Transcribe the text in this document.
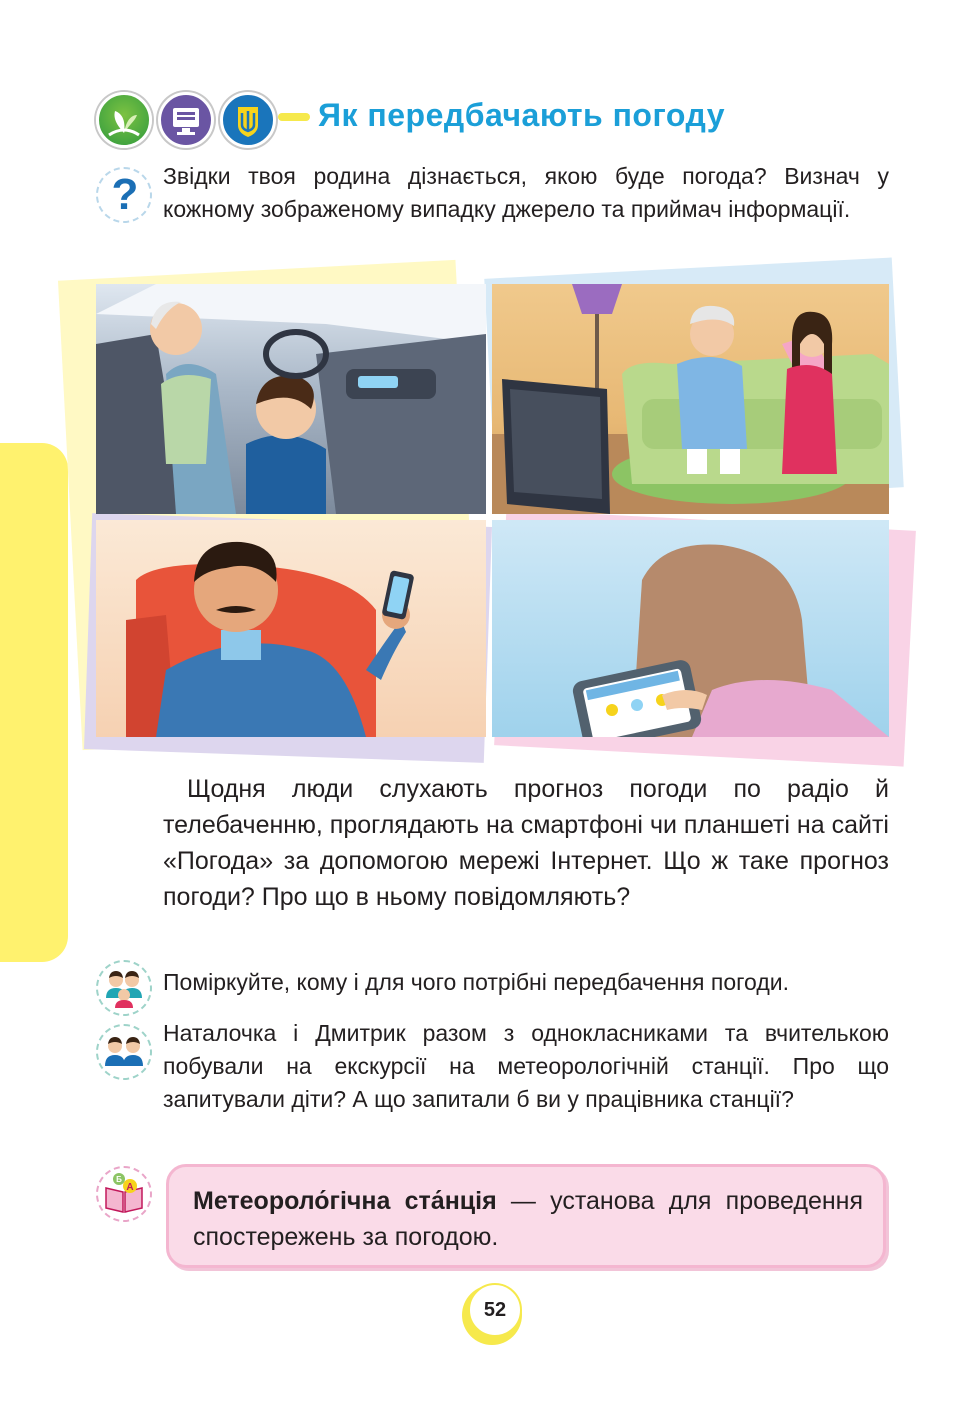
Як передбачають погоду
? Звідки твоя родина дізнається, якою буде погода? Визнач у кожному зображеному випадку джерело та приймач інформації.
Щодня люди слухають прогноз погоди по радіо й телебаченню, проглядають на смартфоні чи планшеті на сайті «Погода» за допомогою мережі Інтернет. Що ж таке прогноз погоди? Про що в ньому повідомляють?
Поміркуйте, кому і для чого потрібні передбачення погоди.
Наталочка і Дмитрик разом з однокласниками та вчителькою побували на екскурсії на метеорологічній станції. Про що запитували діти? А що запитали б ви у працівника станції?
Б
А Метеороло́гічна ста́нція — установа для проведення спостережень за погодою.
52
